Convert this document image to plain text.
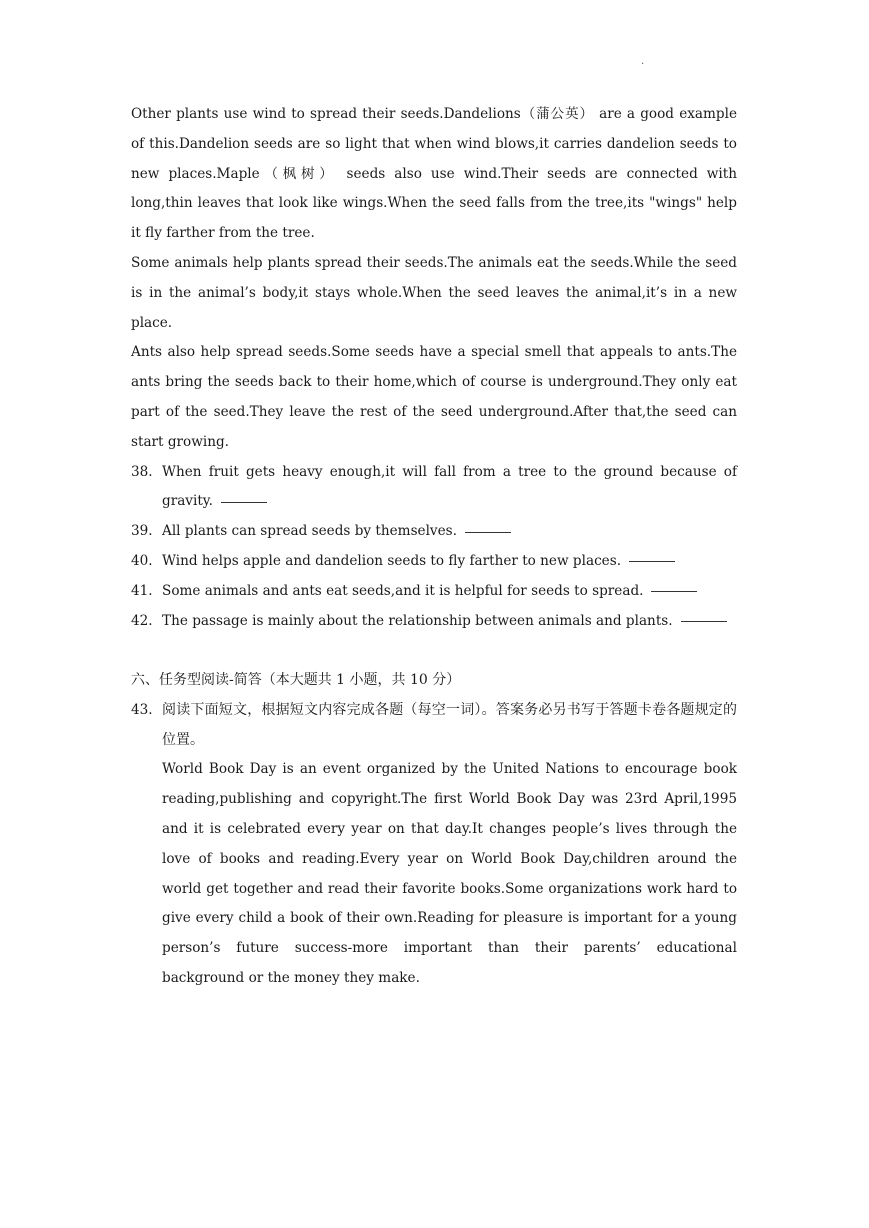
.

Other plants use wind to spread their seeds.Dandelions（蒲公英） are a good example of this.Dandelion seeds are so light that when wind blows,it carries dandelion seeds to new places.Maple（枫树） seeds also use wind.Their seeds are connected with long,thin leaves that look like wings.When the seed falls from the tree,its "wings" help it fly farther from the tree.

Some animals help plants spread their seeds.The animals eat the seeds.While the seed is in the animal’s body,it stays whole.When the seed leaves the animal,it’s in a new place.

Ants also help spread seeds.Some seeds have a special smell that appeals to ants.The ants bring the seeds back to their home,which of course is underground.They only eat part of the seed.They leave the rest of the seed underground.After that,the seed can start growing.

38. When fruit gets heavy enough,it will fall from a tree to the ground because of gravity.
39. All plants can spread seeds by themselves.
40. Wind helps apple and dandelion seeds to fly farther to new places.
41. Some animals and ants eat seeds,and it is helpful for seeds to spread.
42. The passage is mainly about the relationship between animals and plants.

六、任务型阅读-简答（本大题共 1 小题，共 10 分）

43. 阅读下面短文，根据短文内容完成各题（每空一词）。答案务必另书写于答题卡卷各题规定的位置。

World Book Day is an event organized by the United Nations to encourage book reading,publishing and copyright.The first World Book Day was 23rd April,1995 and it is celebrated every year on that day.It changes people’s lives through the love of books and reading.Every year on World Book Day,children around the world get together and read their favorite books.Some organizations work hard to give every child a book of their own.Reading for pleasure is important for a young person’s future success-more important than their parents’ educational background or the money they make.
